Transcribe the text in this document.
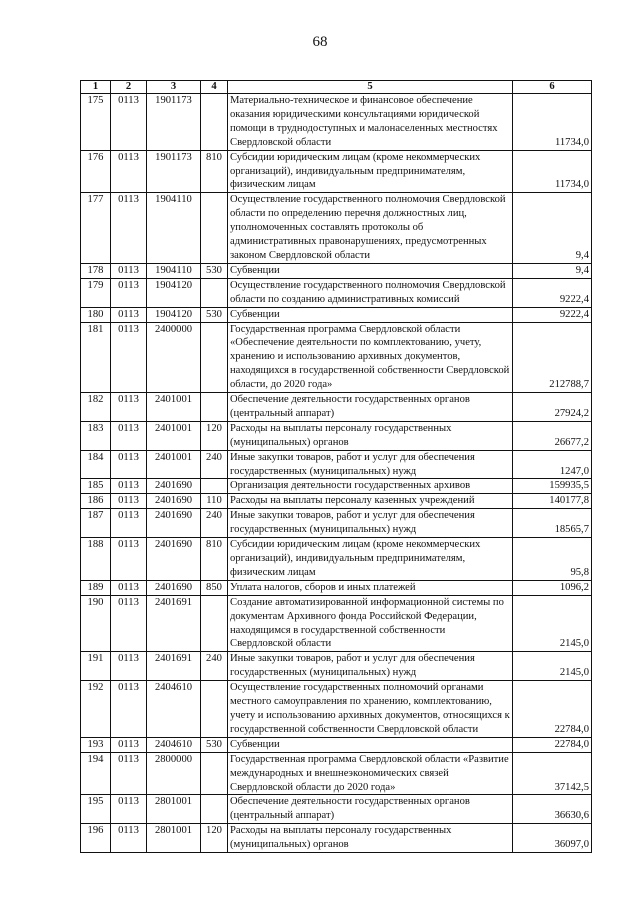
68
1	2	3	4	5	6
175	0113	1901173		Материально-техническое и финансовое обеспечение оказания юридическими консультациями юридической помощи в труднодоступных и малонаселенных местностях Свердловской области	11734,0
176	0113	1901173	810	Субсидии юридическим лицам (кроме некоммерческих организаций), индивидуальным предпринимателям, физическим лицам	11734,0
177	0113	1904110		Осуществление государственного полномочия Свердловской области по определению перечня должностных лиц, уполномоченных составлять протоколы об административных правонарушениях, предусмотренных законом Свердловской области	9,4
178	0113	1904110	530	Субвенции	9,4
179	0113	1904120		Осуществление государственного полномочия Свердловской области по созданию административных комиссий	9222,4
180	0113	1904120	530	Субвенции	9222,4
181	0113	2400000		Государственная программа Свердловской области «Обеспечение деятельности по комплектованию, учету, хранению и использованию архивных документов, находящихся в государственной собственности Свердловской области, до 2020 года»	212788,7
182	0113	2401001		Обеспечение деятельности государственных органов (центральный аппарат)	27924,2
183	0113	2401001	120	Расходы на выплаты персоналу государственных (муниципальных) органов	26677,2
184	0113	2401001	240	Иные закупки товаров, работ и услуг для обеспечения государственных (муниципальных) нужд	1247,0
185	0113	2401690		Организация деятельности государственных архивов	159935,5
186	0113	2401690	110	Расходы на выплаты персоналу казенных учреждений	140177,8
187	0113	2401690	240	Иные закупки товаров, работ и услуг для обеспечения государственных (муниципальных) нужд	18565,7
188	0113	2401690	810	Субсидии юридическим лицам (кроме некоммерческих организаций), индивидуальным предпринимателям, физическим лицам	95,8
189	0113	2401690	850	Уплата налогов, сборов и иных платежей	1096,2
190	0113	2401691		Создание автоматизированной информационной системы по документам Архивного фонда Российской Федерации, находящимся в государственной собственности Свердловской области	2145,0
191	0113	2401691	240	Иные закупки товаров, работ и услуг для обеспечения государственных (муниципальных) нужд	2145,0
192	0113	2404610		Осуществление государственных полномочий органами местного самоуправления по хранению, комплектованию, учету и использованию архивных документов, относящихся к государственной собственности Свердловской области	22784,0
193	0113	2404610	530	Субвенции	22784,0
194	0113	2800000		Государственная программа Свердловской области «Развитие международных и внешнеэкономических связей Свердловской области до 2020 года»	37142,5
195	0113	2801001		Обеспечение деятельности государственных органов (центральный аппарат)	36630,6
196	0113	2801001	120	Расходы на выплаты персоналу государственных (муниципальных) органов	36097,0
